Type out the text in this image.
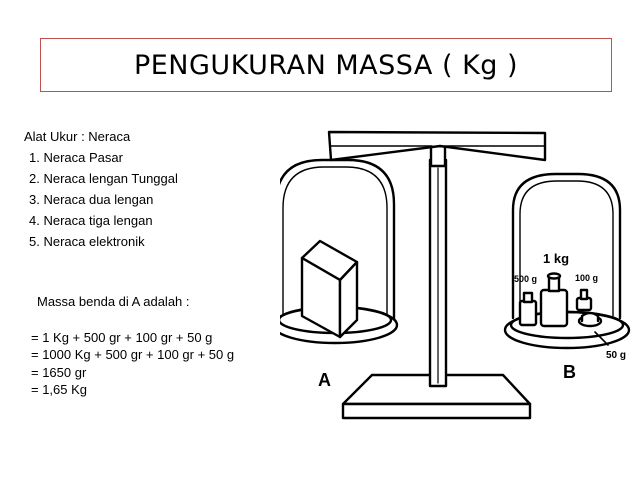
PENGUKURAN MASSA ( Kg )
Alat Ukur : Neraca
1. Neraca Pasar
2. Neraca lengan Tunggal
3. Neraca dua lengan
4. Neraca tiga lengan
5. Neraca elektronik
Massa benda di A adalah :
= 1 Kg + 500 gr + 100 gr + 50 g
= 1000 Kg + 500 gr + 100 gr + 50 g
= 1650 gr
= 1,65 Kg	A	B
1 kg
500 g	100 g
50 g
